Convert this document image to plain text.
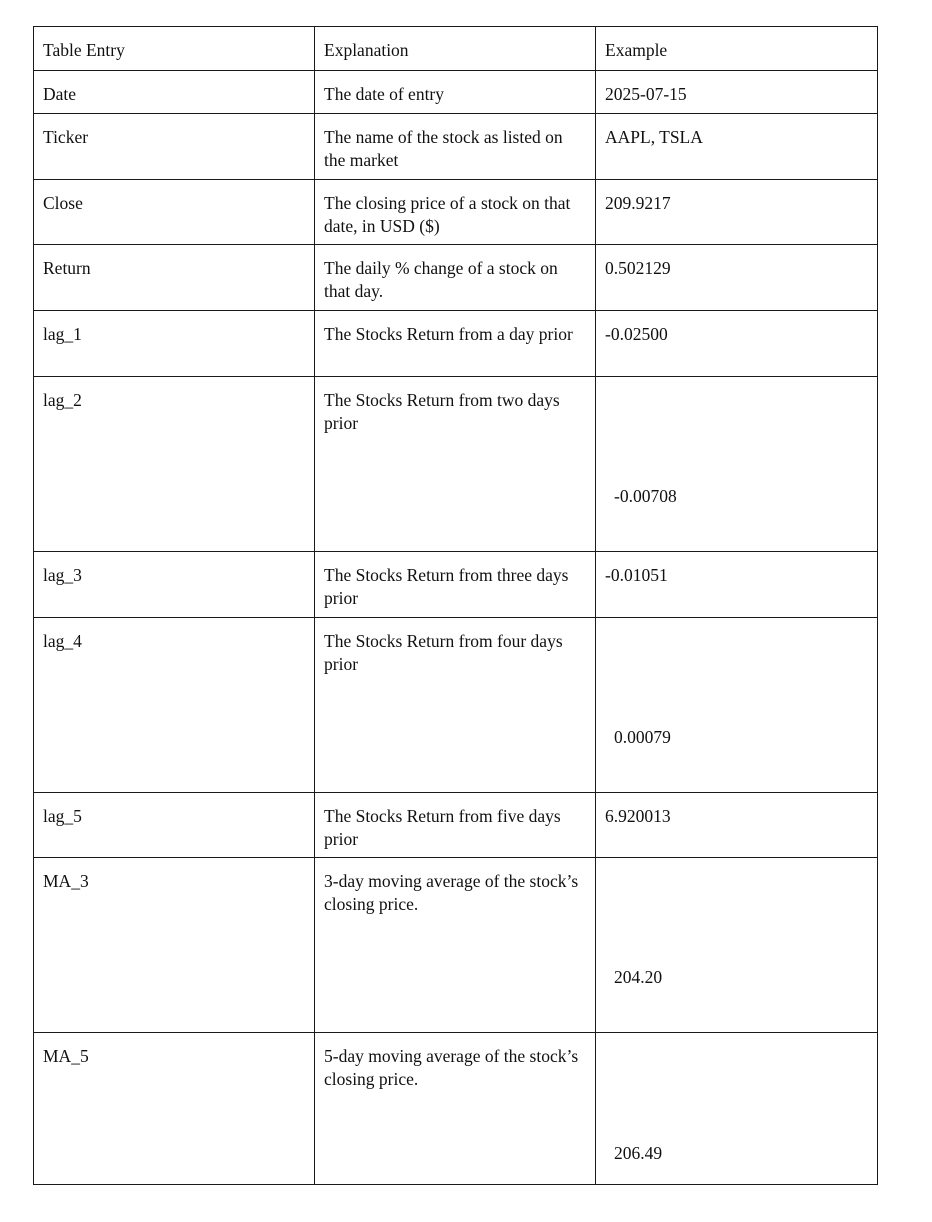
Table Entry	Explanation	Example
Date	The date of entry	2025-07-15
Ticker	The name of the stock as listed on the market	AAPL, TSLA
Close	The closing price of a stock on that date, in USD ($)	209.9217
Return	The daily % change of a stock on that day.	0.502129
lag_1	The Stocks Return from a day prior	-0.02500
lag_2	The Stocks Return from two days prior	-0.00708

lag_3	The Stocks Return from three days prior	-0.01051
lag_4	The Stocks Return from four days prior	0.00079

lag_5	The Stocks Return from five days prior	6.920013
MA_3	3-day moving average of the stock’s closing price.	204.20

MA_5	5-day moving average of the stock’s closing price.	206.49
